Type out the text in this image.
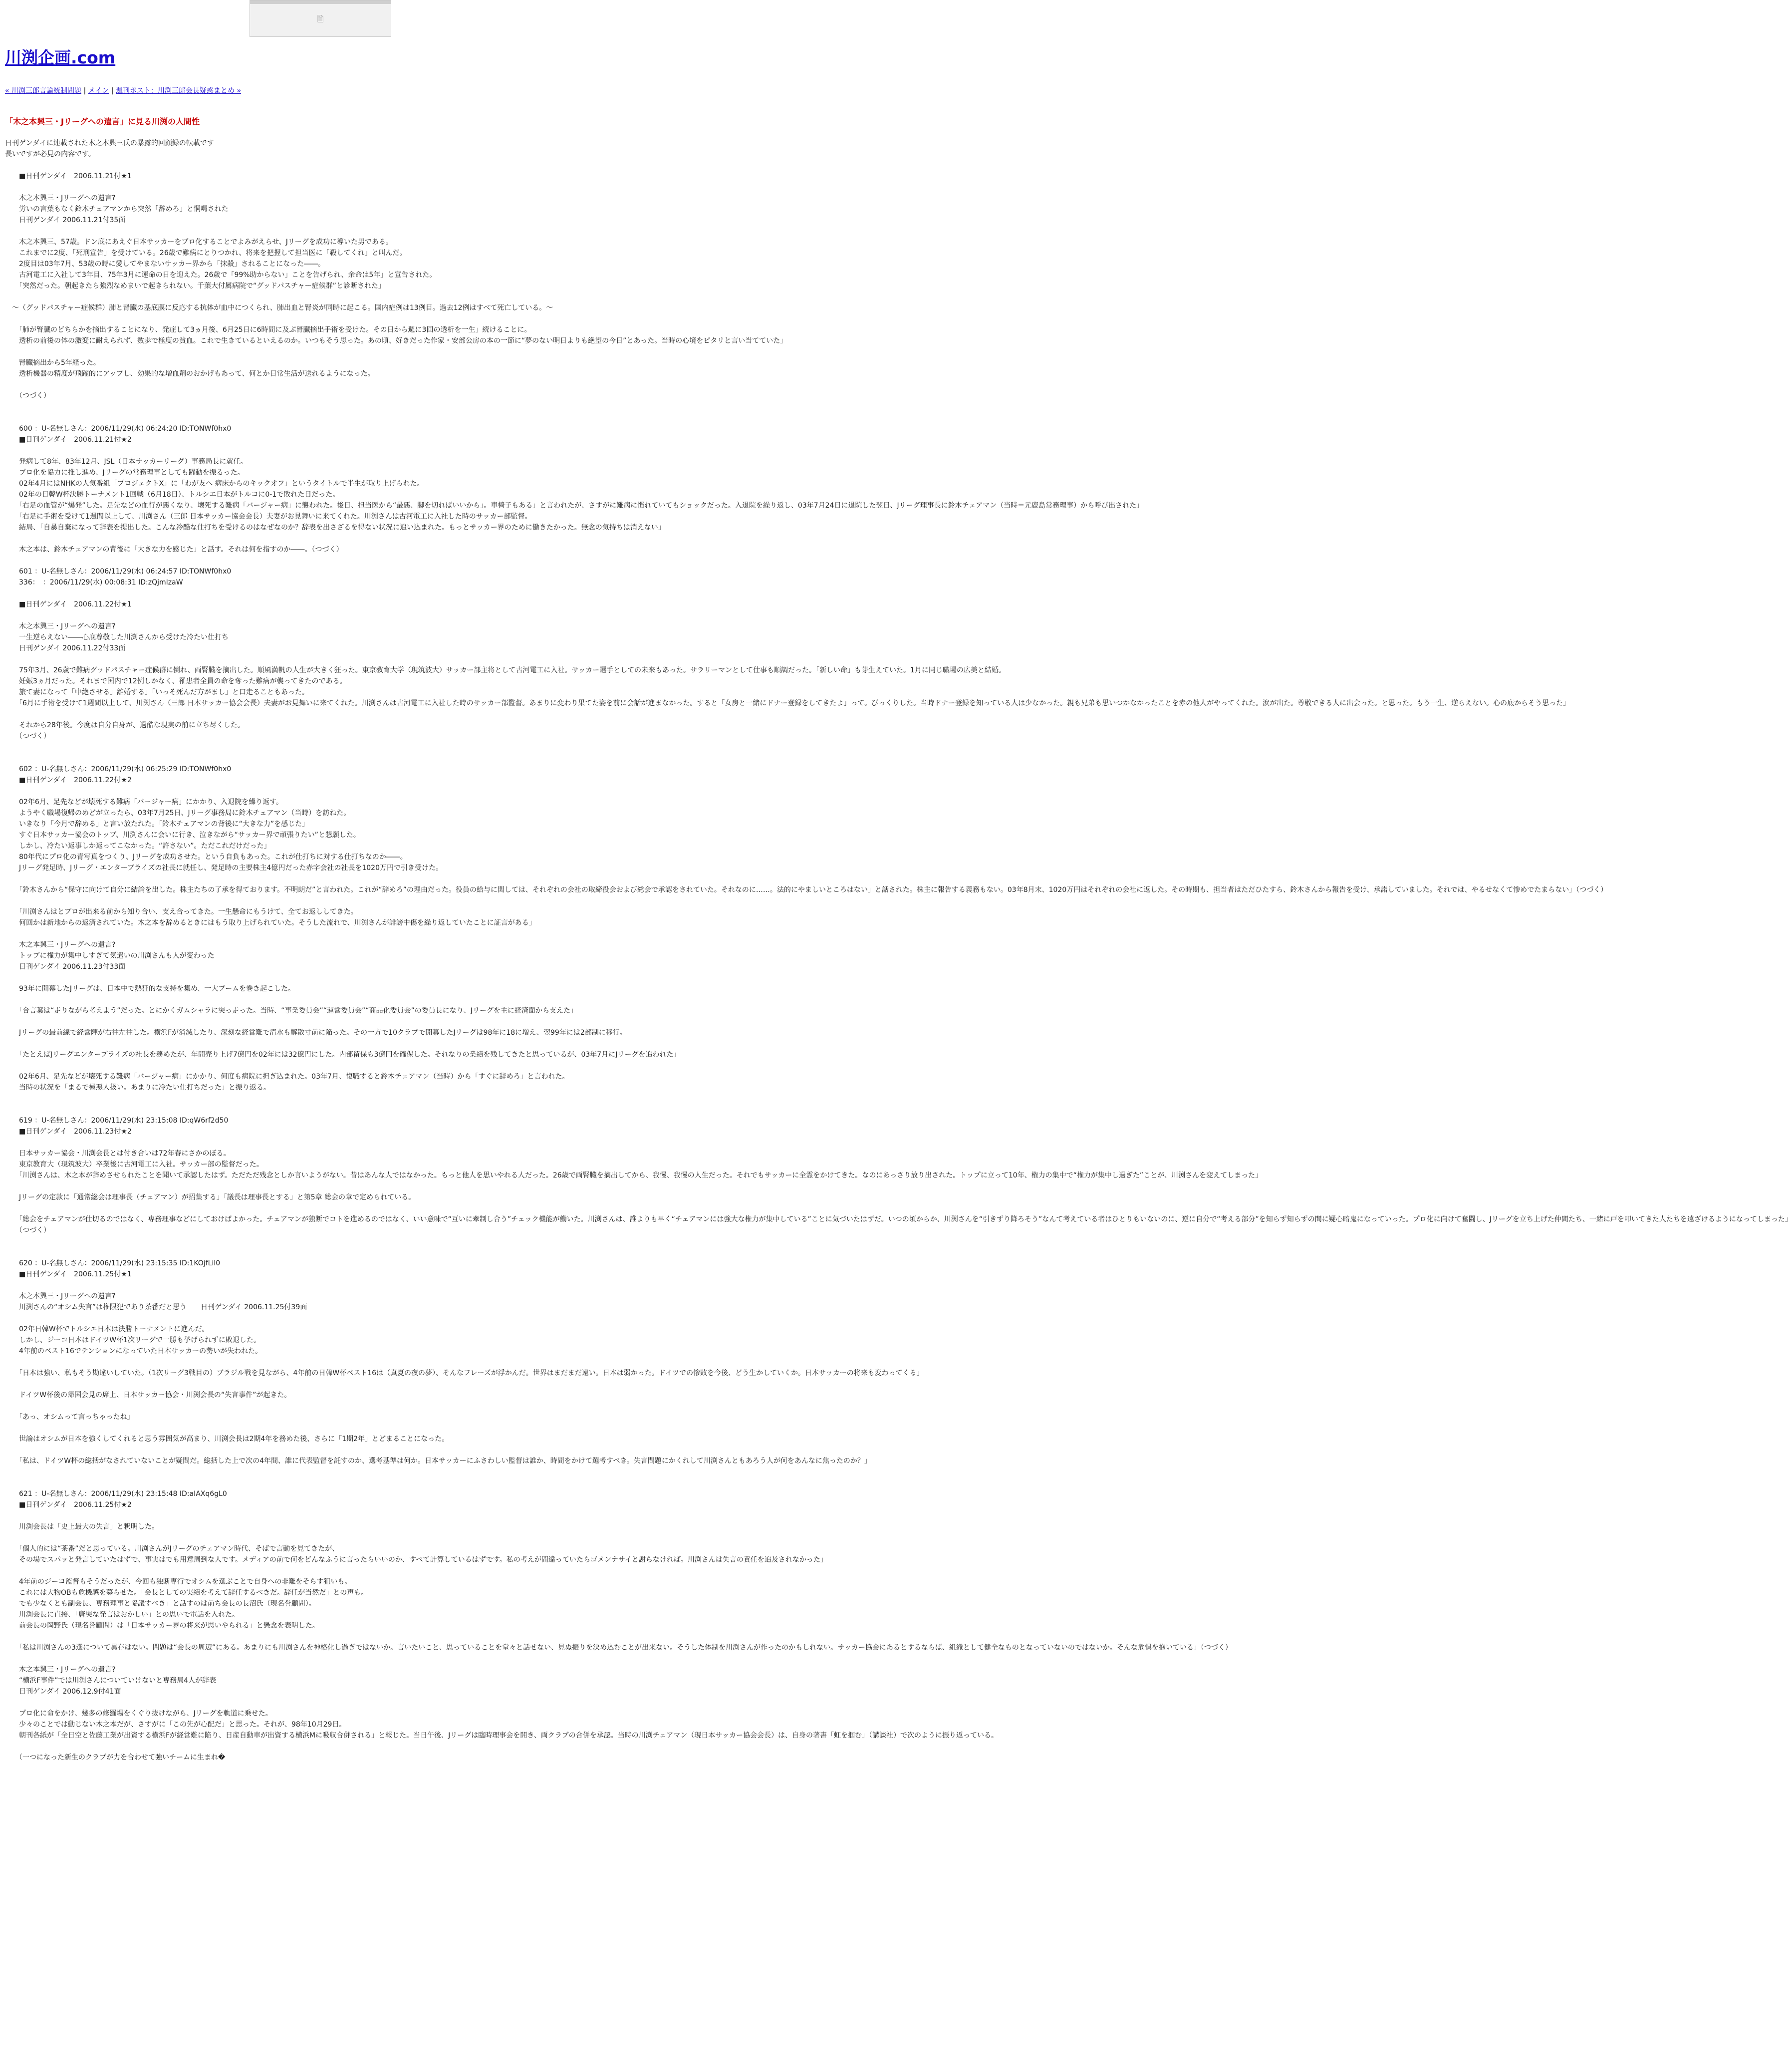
🗎
川渕企画.com
« 川渕三郎言論統制問題 | メイン | 週刊ポスト：川渕三郎会長疑惑まとめ »
「木之本興三・Jリーグへの遺言」に見る川渕の人間性

日刊ゲンダイに連載された木之本興三氏の暴露的回顧録の転載です
長いですが必見の内容です。

　　■日刊ゲンダイ　2006.11.21付★1

　　木之本興三・Jリーグへの遺言?
　　労いの言葉もなく鈴木チェアマンから突然「辞めろ」と恫喝された
　　日刊ゲンダイ 2006.11.21付35面

　　木之本興三、57歳。ドン底にあえぐ日本サッカーをプロ化することでよみがえらせ、Jリーグを成功に導いた男である。
　　これまでに2度、「死刑宣告」を受けている。26歳で難病にとりつかれ、将来を把握して担当医に「殺してくれ」と叫んだ。
　　2度目は03年7月、53歳の時に愛してやまないサッカー界から「抹殺」されることになった――。
　　古河電工に入社して3年目、75年3月に運命の日を迎えた。26歳で「99%助からない」ことを告げられ、余命は5年」と宣告された。
　　「突然だった。朝起きたら強烈なめまいで起きられない。千葉大付属病院で“グッドパスチャー症候群”と診断された」

　〜（グッドパスチャー症候群）肺と腎臓の基底膜に反応する抗体が血中につくられ、肺出血と腎炎が同時に起こる。国内症例は13例目。過去12例はすべて死亡している。〜

　　「肺が腎臓のどちらかを摘出することになり、発症して3ヵ月後、6月25日に6時間に及ぶ腎臓摘出手術を受けた。その日から週に3回の透析を一生」続けることに。
　　透析の前後の体の激変に耐えられず、数歩で極度の貧血。これで生きているといえるのか。いつもそう思った。あの頃、好きだった作家・安部公房の本の一節に“夢のない明日よりも絶望の今日”とあった。当時の心境をピタリと言い当てていた」

　　腎臓摘出から5年経った。
　　透析機器の精度が飛躍的にアップし、効果的な増血剤のおかげもあって、何とか日常生活が送れるようになった。

　　（つづく）

　　600 ：U-名無しさん：2006/11/29(水) 06:24:20 ID:TONWf0hx0
　　■日刊ゲンダイ　2006.11.21付★2

　　発病して8年、83年12月、JSL（日本サッカーリーグ）事務局長に就任。
　　プロ化を協力に推し進め、Jリーグの常務理事としても躍動を振るった。
　　02年4月にはNHKの人気番組「プロジェクトX」に「わが友へ 病床からのキックオフ」というタイトルで半生が取り上げられた。
　　02年の日韓W杯決勝トーナメント1回戦（6月18日）、トルシエ日本がトルコに0-1で敗れた日だった。
　　「右足の血管が“爆発”した。足先などの血行が悪くなり、壊死する難病「バージャー病」に襲われた。後日、担当医から“最悪、脚を切ればいいから」。車椅子もある」と言われたが、さすがに難病に慣れていてもショックだった。入退院を繰り返し、03年7月24日に退院した翌日、Jリーグ理事長に鈴木チェアマン（当時＝元鹿島常務理事）から呼び出された」
　　「右足に手術を受けて1週間以上して、川渕さん（三郎 日本サッカー協会会長）夫妻がお見舞いに来てくれた。川渕さんは古河電工に入社した時のサッカー部監督。
　　結局、「自暴自棄になって辞表を提出した。こんな冷酷な仕打ちを受けるのはなぜなのか？辞表を出さざるを得ない状況に追い込まれた。もっとサッカー界のために働きたかった。無念の気持ちは消えない」

　　木之本は、鈴木チェアマンの背後に「大きな力を感じた」と話す。それは何を指すのか――。（つづく）

　　601 ：U-名無しさん：2006/11/29(水) 06:24:57 ID:TONWf0hx0
　　336：　：2006/11/29(水) 00:08:31 ID:zQjmIzaW

　　■日刊ゲンダイ　2006.11.22付★1

　　木之本興三・Jリーグへの遺言?
　　一生逆らえない――心底尊敬した川渕さんから受けた冷たい仕打ち
　　日刊ゲンダイ 2006.11.22付33面

　　75年3月、26歳で難病グッドパスチャー症候群に倒れ、両腎臓を摘出した。順風満帆の人生が大きく狂った。東京教育大学（現筑波大）サッカー部主将として古河電工に入社。サッカー選手としての未来もあった。サラリーマンとして仕事も順調だった。「新しい命」も芽生えていた。1月に同じ職場の広美と結婚。
　　妊娠3ヵ月だった。それまで国内で12例しかなく、罹患者全員の命を奪った難病が襲ってきたのである。
　　旅て妻になって「中絶させる」離婚する」「いっそ死んだ方がまし」と口走ることもあった。
　　「6月に手術を受けて1週間以上して、川渕さん（三郎 日本サッカー協会会長）夫妻がお見舞いに来てくれた。川渕さんは古河電工に入社した時のサッカー部監督。あまりに変わり果てた姿を前に会話が進まなかった。すると「女房と一緒にドナー登録をしてきたよ」って。びっくりした。当時ドナー登録を知っている人は少なかった。親も兄弟も思いつかなかったことを赤の他人がやってくれた。涙が出た。尊敬できる人に出会った。と思った。もう一生、逆らえない。心の底からそう思った」

　　それから28年後。今度は自分自身が、過酷な現実の前に立ち尽くした。
　　（つづく）

　　602 ：U-名無しさん：2006/11/29(水) 06:25:29 ID:TONWf0hx0
　　■日刊ゲンダイ　2006.11.22付★2

　　02年6月、足先などが壊死する難病「バージャー病」にかかり、入退院を繰り返す。
　　ようやく職場復帰のめどが立ったら、03年7月25日、Jリーグ事務局に鈴木チェアマン（当時）を訪ねた。
　　いきなり「今月で辞める」と言い放たれた。「鈴木チェアマンの背後に“大きな力”を感じた」
　　すぐ日本サッカー協会のトップ、川渕さんに会いに行き、泣きながら“サッカー界で頑張りたい”と懇願した。
　　しかし、冷たい返事しか返ってこなかった。“許さない”。ただこれだけだった」
　　80年代にプロ化の青写真をつくり、Jリーグを成功させた。という自負もあった。これが仕打ちに対する仕打ちなのか――。
　　Jリーグ発足時、Jリーグ・エンタープライズの社長に就任し、発足時の主要株主4億円だった赤字会社の社長を1020万円で引き受けた。

　　「鈴木さんから“保守に向けて自分に結論を出した。株主たちの了承を得ております。不明朗だ”と言われた。これが“辞めろ”の理由だった。役員の給与に関しては、それぞれの会社の取締役会および総会で承認をされていた。それなのに……。法的にやましいところはない」と話された。株主に報告する義務もない。03年8月末、1020万円はそれぞれの会社に返した。その時期も、担当者はただひたすら、鈴木さんから報告を受け、承諾していました。それでは、やるせなくて惨めでたまらない」（つづく）

　　「川渕さんはとプロが出来る前から知り合い、支え合ってきた。一生懸命にもうけて、全てお返ししてきた。
　　何回かは新地からの返済されていた。木之本を辞めるときにはもう取り上げられていた。そうした流れで、川渕さんが誹謗中傷を繰り返していたことに証言がある」

　　木之本興三・Jリーグへの遺言?
　　トップに権力が集中しすぎて気遣いの川渕さんも人が変わった
　　日刊ゲンダイ 2006.11.23付33面

　　93年に開幕したJリーグは、日本中で熱狂的な支持を集め、一大ブームを巻き起こした。

　　「合言葉は“走りながら考えよう”だった。とにかくガムシャラに突っ走った。当時、“事業委員会”“運営委員会”“商品化委員会”の委員長になり、Jリーグを主に経済面から支えた」

　　Jリーグの最前線で経営陣が右往左往した。横浜Fが消滅したり、深刻な経営難で清水も解散寸前に陥った。その一方で10クラブで開幕したJリーグは98年に18に増え、翌99年には2部制に移行。

　　「たとえばJリーグエンタープライズの社長を務めたが、年間売り上げ7億円を02年には32億円にした。内部留保も3億円を確保した。それなりの業績を残してきたと思っているが、03年7月にJリーグを追われた」

　　02年6月、足先などが壊死する難病「バージャー病」にかかり、何度も病院に担ぎ込まれた。03年7月、復職すると鈴木チェアマン（当時）から「すぐに辞めろ」と言われた。
　　当時の状況を「まるで極悪人扱い。あまりに冷たい仕打ちだった」と振り返る。

　　619 ：U-名無しさん：2006/11/29(水) 23:15:08 ID:qW6rf2d50
　　■日刊ゲンダイ　2006.11.23付★2

　　日本サッカー協会・川渕会長とは付き合いは72年春にさかのぼる。
　　東京教育大（現筑波大）卒業後に古河電工に入社。サッカー部の監督だった。
　　「川渕さんは、木之本が辞めさせられたことを聞いて承認したはず。ただただ残念としか言いようがない。昔はあんな人ではなかった。もっと他人を思いやれる人だった。26歳で両腎臓を摘出してから、我慢、我慢の人生だった。それでもサッカーに全霊をかけてきた。なのにあっさり放り出された。トップに立って10年、権力の集中で“権力が集中し過ぎた”ことが、川渕さんを変えてしまった」

　　Jリーグの定款に「通常総会は理事長（チェアマン）が招集する」「議長は理事長とする」と第5章 総会の章で定められている。

　　「総会をチェアマンが仕切るのではなく、専務理事などにしておけばよかった。チェアマンが独断でコトを進めるのではなく、いい意味で“互いに牽制し合う”チェック機能が働いた。川渕さんは、誰よりも早く“チェアマンには強大な権力が集中している”ことに気づいたはずだ。いつの頃からか、川渕さんを“引きずり降ろそう”なんて考えている者はひとりもいないのに、逆に自分で“考える部分”を知らず知らずの間に疑心暗鬼になっていった。プロ化に向けて奮闘し、Jリーグを立ち上げた仲間たち、一緒に戸を叩いてきた人たちを遠ざけるようになってしまった」
　　（つづく）

　　620 ：U-名無しさん：2006/11/29(水) 23:15:35 ID:1KOjfLil0
　　■日刊ゲンダイ　2006.11.25付★1

　　木之本興三・Jリーグへの遺言?
　　川渕さんの“オシム失言”は権限犯であり茶番だと思う　　日刊ゲンダイ 2006.11.25付39面

　　02年日韓W杯でトルシエ日本は決勝トーナメントに進んだ。
　　しかし、ジーコ日本はドイツW杯1次リーグで一勝も挙げられずに敗退した。
　　4年前のベスト16でテンションになっていた日本サッカーの勢いが失われた。

　　「日本は強い、私もそう勘違いしていた。（1次リーグ3戦目の）ブラジル戦を見ながら、4年前の日韓W杯ベスト16は（真夏の夜の夢）、そんなフレーズが浮かんだ。世界はまだまだ遠い。日本は弱かった。ドイツでの惨敗を今後、どう生かしていくか。日本サッカーの将来も変わってくる」

　　ドイツW杯後の帰国会見の席上、日本サッカー協会・川渕会長の“失言事件”が起きた。

　　「あっ、オシムって言っちゃったね」

　　世論はオシムが日本を強くしてくれると思う雰囲気が高まり、川渕会長は2期4年を務めた後、さらに「1期2年」とどまることになった。

　　「私は、ドイツW杯の総括がなされていないことが疑問だ。総括した上で次の4年間、誰に代表監督を託すのか、選考基準は何か。日本サッカーにふさわしい監督は誰か、時間をかけて選考すべき。失言問題にかくれして川渕さんともあろう人が何をあんなに焦ったのか？」

　　621 ：U-名無しさん：2006/11/29(水) 23:15:48 ID:aIAXq6gL0
　　■日刊ゲンダイ　2006.11.25付★2

　　川渕会長は「史上最大の失言」と釈明した。

　　「個人的には“茶番”だと思っている。川渕さんがJリーグのチェアマン時代、そばで言動を見てきたが、
　　その場でスパッと発言していたはずで、事実はでも用意周到な人です。メディアの前で何をどんなふうに言ったらいいのか、すべて計算しているはずです。私の考えが間違っていたらゴメンナサイと謝らなければ。川渕さんは失言の責任を追及されなかった」

　　4年前のジーコ監督もそうだったが、今回も独断専行でオシムを選ぶことで自身への非難をそらす狙いも。
　　これには大物OBも危機感を募らせた。「会長としての実績を考えて辞任するべきだ。辞任が当然だ」との声も。
　　でも少なくとも副会長、専務理事と協議すべき」と話すのは前ち会長の長沼氏（現名誉顧問）。
　　川渕会長に直接、「唐突な発言はおかしい」との思いで電話を入れた。
　　前会長の岡野氏（現名誉顧問）は「日本サッカー界の将来が思いやられる」と懸念を表明した。

　　「私は川渕さんの3選について異存はない。問題は“会長の周辺”にある。あまりにも川渕さんを神格化し過ぎではないか。言いたいこと、思っていることを堂々と話せない、見ぬ振りを決め込むことが出来ない。そうした体制を川渕さんが作ったのかもしれない。サッカー協会にあるとするならば、組織として健全なものとなっていないのではないか。そんな危惧を抱いている」（つづく）

　　木之本興三・Jリーグへの遺言?
　　“横浜F事件”では川渕さんについていけないと専務局4人が辞表
　　日刊ゲンダイ 2006.12.9付41面

　　プロ化に命をかけ、幾多の修羅場をくぐり抜けながら、Jリーグを軌道に乗せた。
　　少々のことでは動じない木之本だが、さすがに「この先が心配だ」と思った。それが、98年10月29日。
　　朝刊各紙が「全日空と佐藤工業が出資する横浜Fが経営難に陥り、日産自動車が出資する横浜Mに吸収合併される」と報じた。当日午後、Jリーグは臨時理事会を開き、両クラブの合併を承認。当時の川渕チェアマン（現日本サッカー協会会長）は、自身の著書「虹を掴む」（講談社）で次のように振り返っている。

　　（一つになった新生のクラブが力を合わせて強いチームに生まれ�
